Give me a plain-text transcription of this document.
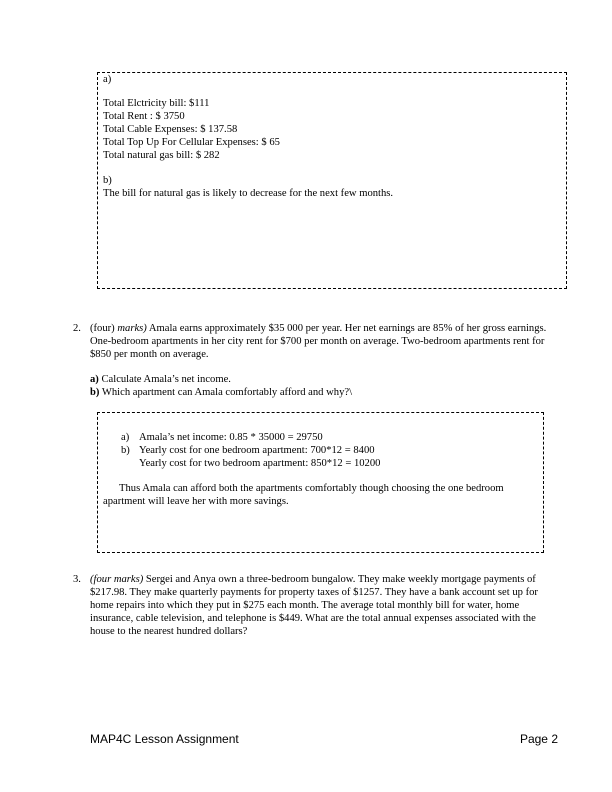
a)
Total Elctricity bill: $111
Total Rent : $ 3750
Total Cable Expenses: $ 137.58
Total Top Up For Cellular Expenses: $ 65
Total natural gas bill: $ 282
b)
The bill for natural gas is likely to decrease for the next few months.
2. (four) marks) Amala earns approximately $35 000 per year. Her net earnings are 85% of her gross earnings.
One-bedroom apartments in her city rent for $700 per month on average. Two-bedroom apartments rent for
$850 per month on average.
a) Calculate Amala’s net income.
b) Which apartment can Amala comfortably afford and why?\
a) Amala’s net income: 0.85 * 35000 = 29750
b) Yearly cost for one bedroom apartment: 700*12 = 8400
Yearly cost for two bedroom apartment: 850*12 = 10200
Thus Amala can afford both the apartments comfortably though choosing the one bedroom
apartment will leave her with more savings.
3. (four marks) Sergei and Anya own a three-bedroom bungalow. They make weekly mortgage payments of
$217.98. They make quarterly payments for property taxes of $1257. They have a bank account set up for
home repairs into which they put in $275 each month. The average total monthly bill for water, home
insurance, cable television, and telephone is $449. What are the total annual expenses associated with the
house to the nearest hundred dollars?
MAP4C Lesson Assignment	Page 2
